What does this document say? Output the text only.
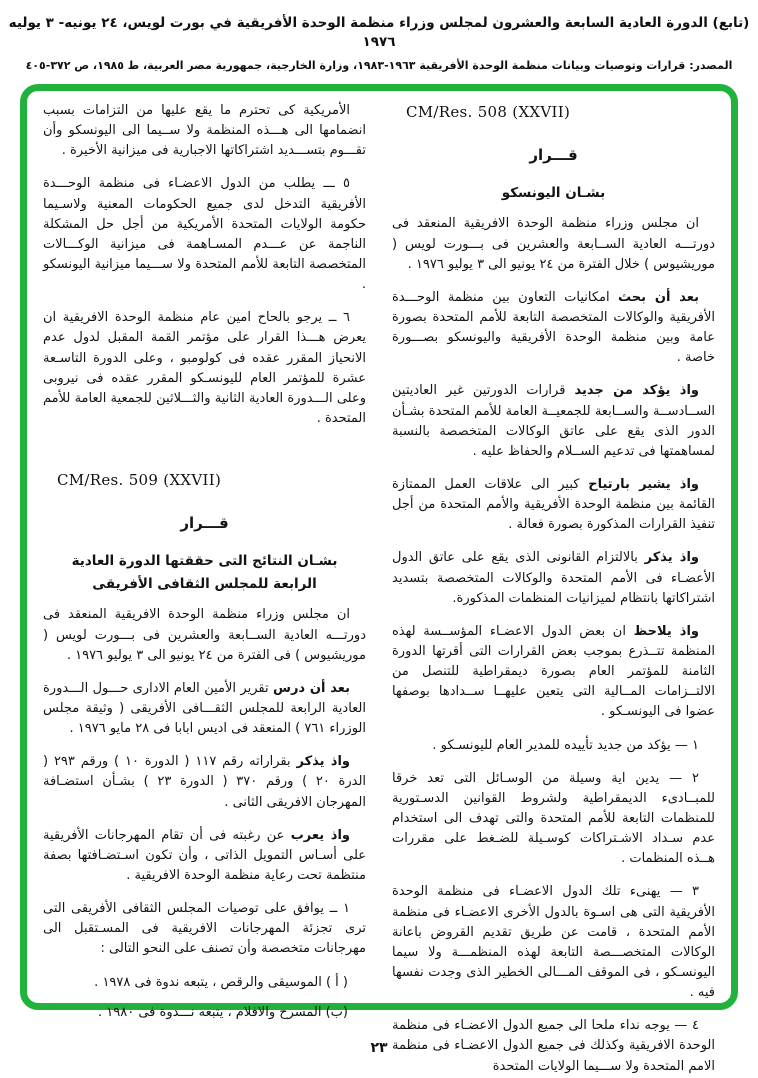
(تابع) الدورة العادية السابعة والعشرون لمجلس وزراء منظمة الوحدة الأفريقية في بورت لويس، ٢٤ يونيه- ٣ يوليه ١٩٧٦
المصدر: قرارات وتوصيات وبيانات منظمة الوحدة الأفريقية ١٩٦٣-١٩٨٣، وزارة الخارجية، جمهورية مصر العربية، ط ١٩٨٥، ص ٣٧٢-٤٠٥
CM/Res. 508 (XXVII)
قـــرار
بشـان اليونسكو

ان مجلس وزراء منظمة الوحدة الافريقية المنعقد فى دورتـــه العادية الســابعة والعشرين فى بـــورت لويس ( موريشيوس ) خلال الفترة من ٢٤ يونيو الى ٣ يوليو ١٩٧٦ .

بعد أن بحث امكانيات التعاون بين منظمة الوحـــدة الأفريقية والوكالات المتخصصة التابعة للأمم المتحدة بصورة عامة وبين منظمة الوحدة الأفريقية واليونسكو بصـــورة خاصة .

واذ يؤكد من جديد قرارات الدورتين غير العاديتين الســادســة والســابعة للجمعيــة العامة للأمم المتحدة بشـأن الدور الذى يقع على عاتق الوكالات المتخصصة بالنسبة لمساهمتها فى تدعيم الســلام والحفاظ عليه .

واذ يشير بارتياح كبير الى علاقات العمل الممتازة القائمة بين منظمة الوحدة الأفريقية والأمم المتحدة من أجل تنفيذ القرارات المذكورة بصورة فعالة .

واذ يذكر بالالتزام القانونى الذى يقع على عاتق الدول الأعضـاء فى الأمم المتحدة والوكالات المتخصصة بتسديد اشتراكاتها بانتظام لميزانيات المنظمات المذكورة.

واذ يلاحظ ان بعض الدول الاعضـاء المؤســسة لهذه المنظمة تتــذرع بموجب بعض القرارات التى أقرتها الدورة الثامنة للمؤتمر العام بصورة ديمقراطية للتنصل من الالتــزامات المــالية التى يتعين عليهــا ســدادها بوصفها عضوا فى اليونسـكو .

١ — يؤكد من جديد تأييده للمدير العام لليونسـكو .

٢ — يدين اية وسيلة من الوسـائل التى تعد خرقا للمبــادىء الديمقراطية ولشروط القوانين الدسـتورية للمنظمات التابعة للأمم المتحدة والتى تهدف الى استخدام عدم سـداد الاشـتراكات كوسـيلة للضـغط على مقررات هــذه المنظمات .

٣ — يهنىء تلك الدول الاعضـاء فى منظمة الوحدة الأفريقية التى هى اسـوة بالدول الأخرى الاعضـاء فى منظمة الأمم المتحدة ، قامت عن طريق تقديم القروض باعانة الوكالات المتخصـــصة التابعة لهذه المنظمـــة ولا سيما اليونسـكو ، فى الموقف المـــالى الخطير الذى وجدت نفسها فيه .

٤ — يوجه نداء ملحا الى جميع الدول الاعضـاء فى منظمة الوحدة الافريقية وكذلك فى جميع الدول الاعضـاء فى منظمة الامم المتحدة ولا ســـيما الولايات المتحدة

الأمريكية كى تحترم ما يقع عليها من التزامات بسبب انضمامها الى هـــذه المنظمة ولا ســيما الى اليونسكو وأن تقـــوم بتســـديد اشتراكاتها الاجبارية فى ميزانية الأخيرة .

٥ ـــ يطلب من الدول الاعضـاء فى منظمة الوحـــدة الأفريقية التدخل لدى جميع الحكومات المعنية ولاسـيما حكومة الولايات المتحدة الأمريكية من أجل حل المشكلة الناجمة عن عـــدم المسـاهمة فى ميزانية الوكـــالات المتخصصة التابعة للأمم المتحدة ولا ســـيما ميزانية اليونسكو .

٦ ــ يرجو بالحاح امين عام منظمة الوحدة الافريقية ان يعرض هـــذا القرار على مؤتمر القمة المقبل لدول عدم الانحياز المقرر عقده فى كولومبو ، وعلى الدورة التاسـعة عشرة للمؤتمر العام لليونسـكو المقرر عقده فى نيروبى وعلى الـــدورة العادية الثانية والثـــلاثين للجمعية العامة للأمم المتحدة .

CM/Res. 509 (XXVII)
قـــرار
بشـان النتائج التى حققتها الدورة العادية
الرابعة للمجلس الثقافى الأفريقى

ان مجلس وزراء منظمة الوحدة الافريقية المنعقد فى دورتـــه العادية الســابعة والعشرين فى بـــورت لويس ( موريشيوس ) فى الفترة من ٢٤ يونيو الى ٣ يوليو ١٩٧٦ .

بعد أن درس تقرير الأمين العام الادارى حـــول الـــدورة العادية الرابعة للمجلس الثقـــافى الأفريقى ( وثيقة مجلس الوزراء ٧٦١ ) المنعقد فى اديس ابابا فى ٢٨ مايو ١٩٧٦ .

واذ يذكر بقراراته رقم ١١٧ ( الدورة ١٠ ) ورقم ٢٩٣ ( الدرة ٢٠ ) ورقم ٣٧٠ ( الدورة ٢٣ ) بشـأن استضـافة المهرجان الافريقى الثانى .

واذ يعرب عن رغبته فى أن تقام المهرجانات الأفريقية على أسـاس التمويل الذاتى ، وأن تكون اسـتضـافتها بصفة منتظمة تحت رعاية منظمة الوحدة الافريقية .

١ ــ يوافق على توصيات المجلس الثقافى الأفريقى التى ترى تجزئة المهرجانات الافريقية فى المسـتقبل الى مهرجانات متخصصة وأن تصنف على النحو التالى :

( أ ) الموسيقى والرقص ، يتبعه ندوة فى ١٩٧٨ .

(ب) المسرح والافلام ، يتبعه نـــدوة فى ١٩٨٠ .

٢٣
